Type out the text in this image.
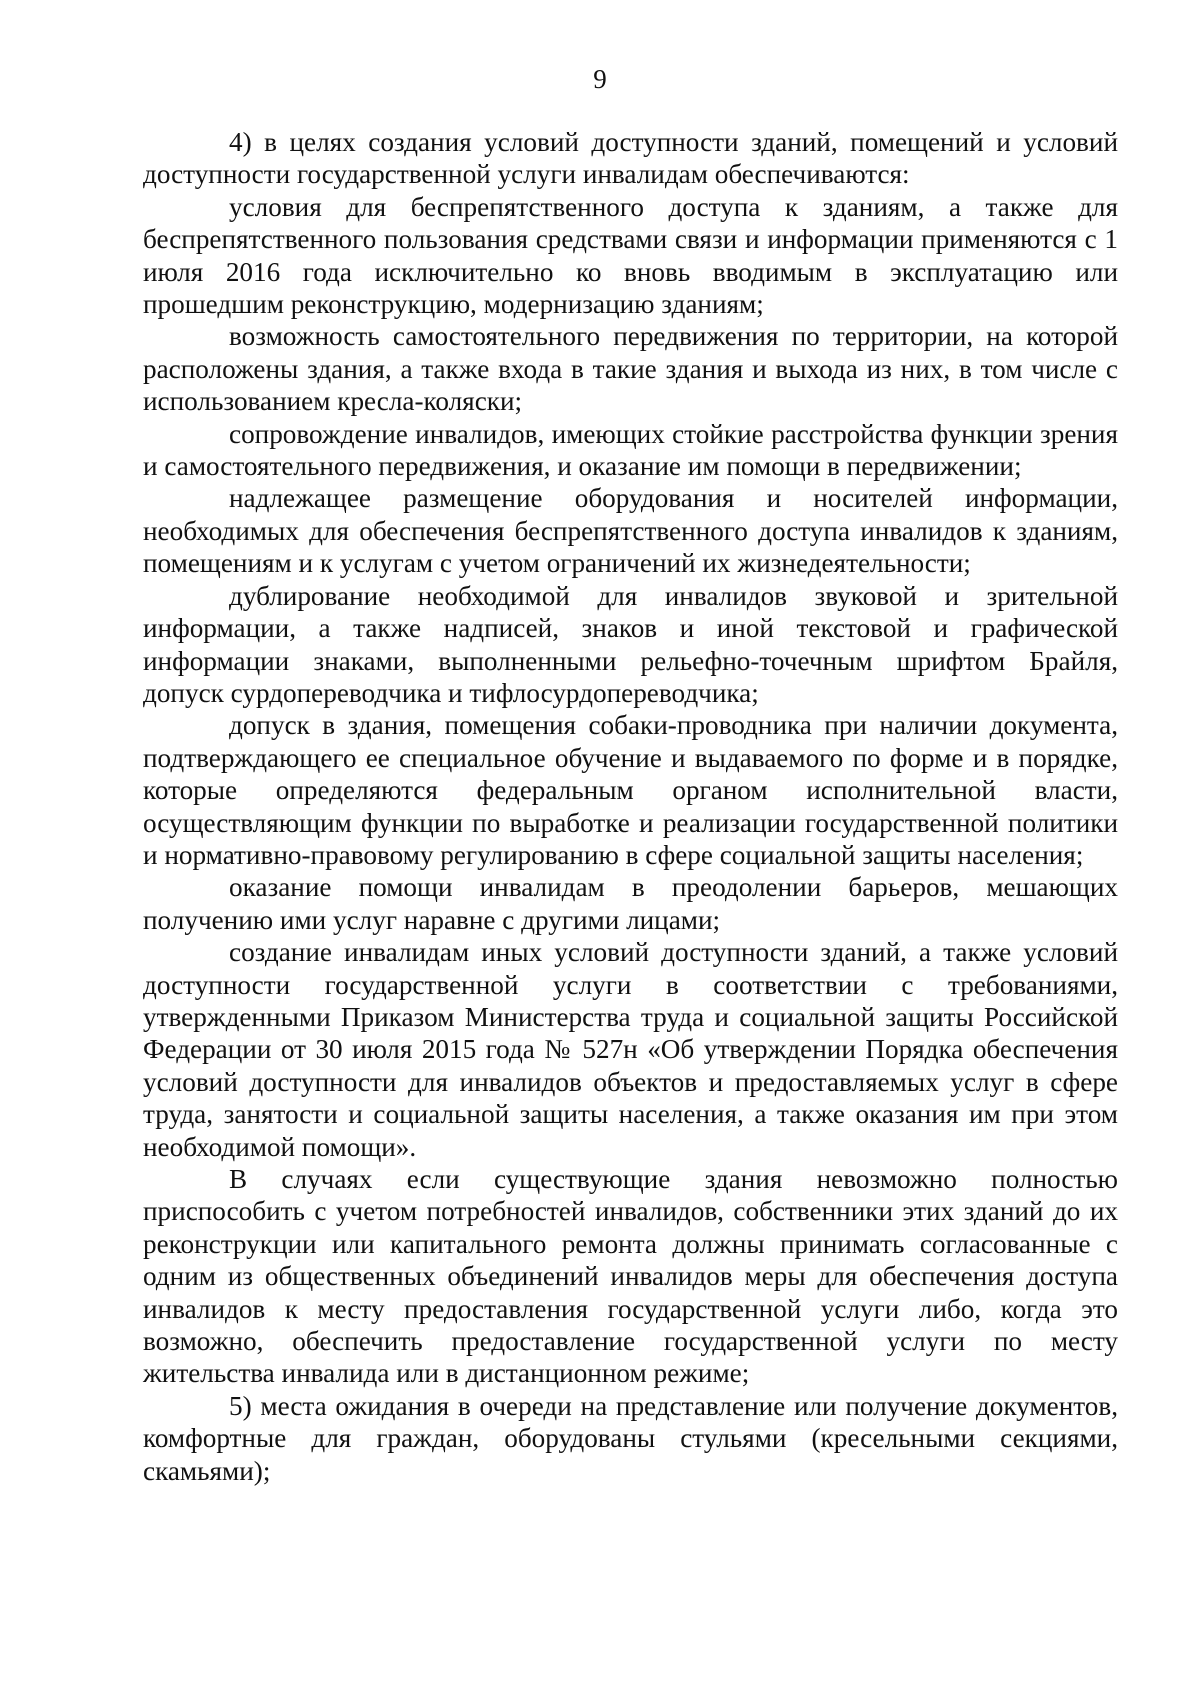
9

4) в целях создания условий доступности зданий, помещений и условий доступности государственной услуги инвалидам обеспечиваются:

условия для беспрепятственного доступа к зданиям, а также для беспрепятственного пользования средствами связи и информации применяются с 1 июля 2016 года исключительно ко вновь вводимым в эксплуатацию или прошедшим реконструкцию, модернизацию зданиям;

возможность самостоятельного передвижения по территории, на которой расположены здания, а также входа в такие здания и выхода из них, в том числе с использованием кресла-коляски;

сопровождение инвалидов, имеющих стойкие расстройства функции зрения и самостоятельного передвижения, и оказание им помощи в передвижении;

надлежащее размещение оборудования и носителей информации, необходимых для обеспечения беспрепятственного доступа инвалидов к зданиям, помещениям и к услугам с учетом ограничений их жизнедеятельности;

дублирование необходимой для инвалидов звуковой и зрительной информации, а также надписей, знаков и иной текстовой и графической информации знаками, выполненными рельефно-точечным шрифтом Брайля, допуск сурдопереводчика и тифлосурдопереводчика;

допуск в здания, помещения собаки-проводника при наличии документа, подтверждающего ее специальное обучение и выдаваемого по форме и в порядке, которые определяются федеральным органом исполнительной власти, осуществляющим функции по выработке и реализации государственной политики и нормативно-правовому регулированию в сфере социальной защиты населения;

оказание помощи инвалидам в преодолении барьеров, мешающих получению ими услуг наравне с другими лицами;

создание инвалидам иных условий доступности зданий, а также условий доступности государственной услуги в соответствии с требованиями, утвержденными Приказом Министерства труда и социальной защиты Российской Федерации от 30 июля 2015 года № 527н «Об утверждении Порядка обеспечения условий доступности для инвалидов объектов и предоставляемых услуг в сфере труда, занятости и социальной защиты населения, а также оказания им при этом необходимой помощи».

В случаях если существующие здания невозможно полностью приспособить с учетом потребностей инвалидов, собственники этих зданий до их реконструкции или капитального ремонта должны принимать согласованные с одним из общественных объединений инвалидов меры для обеспечения доступа инвалидов к месту предоставления государственной услуги либо, когда это возможно, обеспечить предоставление государственной услуги по месту жительства инвалида или в дистанционном режиме;

5) места ожидания в очереди на представление или получение документов, комфортные для граждан, оборудованы стульями (кресельными секциями, скамьями);
